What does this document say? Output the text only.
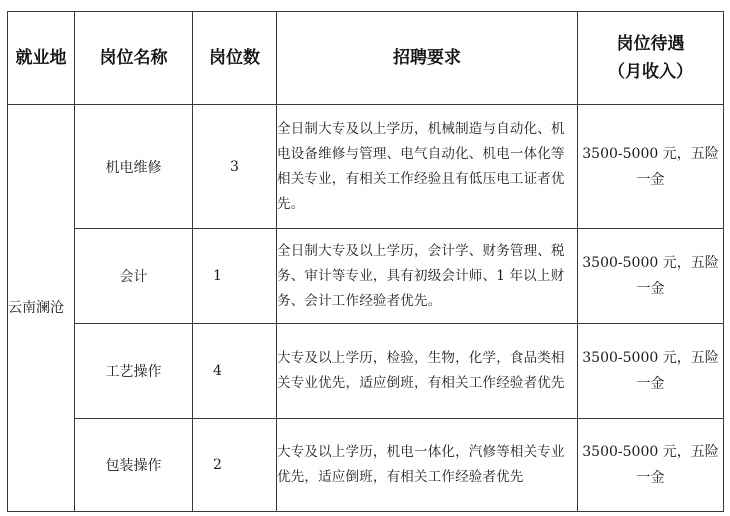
就业地	岗位名称	岗位数	招聘要求	岗位待遇
（月收入）
云南澜沧	机电维修	3	全日制大专及以上学历，机械制造与自动化、机电设备维修与管理、电气自动化、机电一体化等相关专业，有相关工作经验且有低压电工证者优先。	3500-5000 元，五险一金
	会计	1	全日制大专及以上学历，会计学、财务管理、税务、审计等专业，具有初级会计师、1 年以上财务、会计工作经验者优先。	3500-5000 元，五险一金
	工艺操作	4	大专及以上学历，检验，生物，化学，食品类相关专业优先，适应倒班，有相关工作经验者优先	3500-5000 元，五险一金
	包装操作	2	大专及以上学历，机电一体化，汽修等相关专业优先，适应倒班，有相关工作经验者优先	3500-5000 元，五险一金
